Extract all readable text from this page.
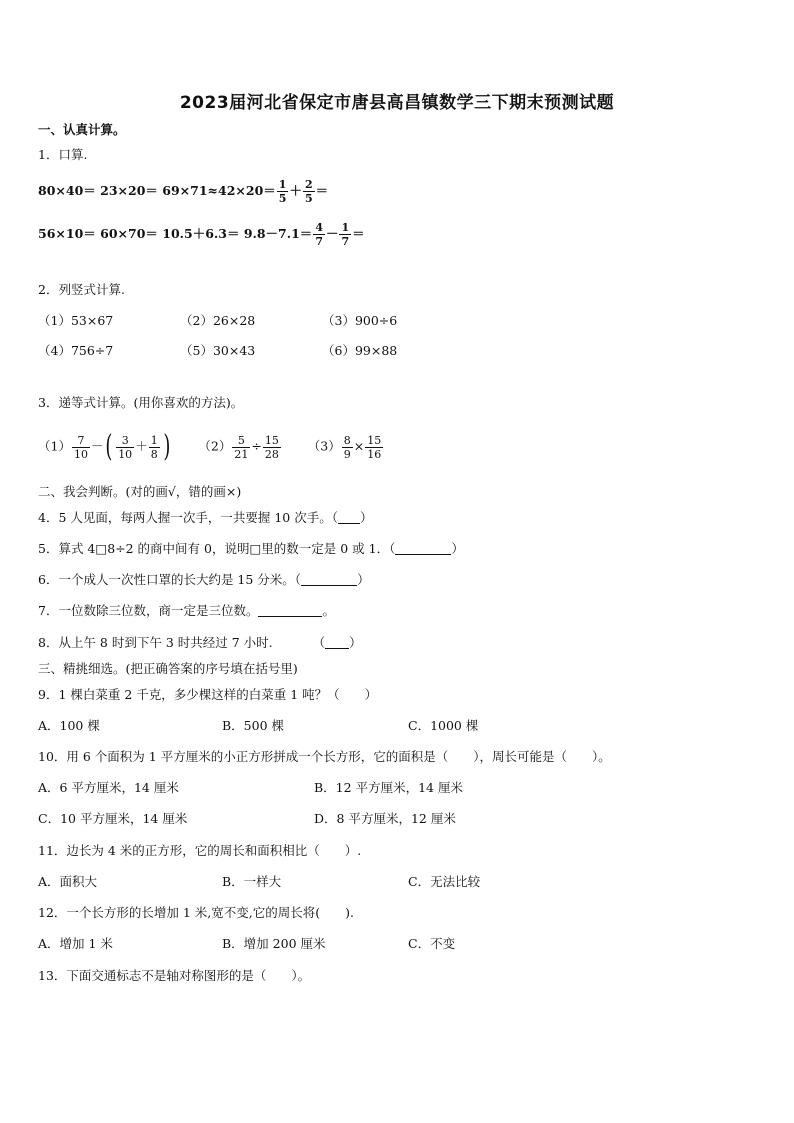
2023届河北省保定市唐县高昌镇数学三下期末预测试题
一、认真计算。
1．口算.
$80\times 40= 23\times 20= 69\times 71\approx 42\times 20= \frac{1}{5} + \frac{2}{5}$ ＝
$56\times 10= 60\times 70= 10.5+6.3= 9.8-7.1= \frac{4}{7} - \frac{1}{7}$ ＝
2．列竖式计算.
（1）53×67	（2）26×28	（3）900÷6
（4）756÷7	（5）30×43	（6）99×88
3．递等式计算。(用你喜欢的方法)。
$(1) \frac{7}{10}$ －( $\frac{3}{10} + \frac{1}{8}$ ) $(2) \frac{5}{21} \div \frac{15}{28} (3) \frac{8}{9} \times \frac{15}{16}$
二、我会判断。(对的画√，错的画×)
4．5 人见面，每两人握一次手，一共要握 10 次手。（ ）
5．算式 4□8÷2 的商中间有 0，说明□里的数一定是 0 或 1．（	）
6．一个成人一次性口罩的长大约是 15 分米。（	）
7．一位数除三位数，商一定是三位数。	。
8．从上午 8 时到下午 3 时共经过 7 小时.	（ ）
三、精挑细选。(把正确答案的序号填在括号里)
9．1 棵白菜重 2 千克，多少棵这样的白菜重 1 吨？（　　）
A．100 棵	B．500 棵	C．1000 棵
10．用 6 个面积为 1 平方厘米的小正方形拼成一个长方形，它的面积是（　　），周长可能是（　　）。
A．6 平方厘米，14 厘米	B．12 平方厘米，14 厘米
C．10 平方厘米，14 厘米	D．8 平方厘米，12 厘米
11．边长为 4 米的正方形，它的周长和面积相比（　　）.
A．面积大	B．一样大	C．无法比较
12．一个长方形的长增加 1 米,宽不变,它的周长将(　　).
A．增加 1 米	B．增加 200 厘米	C．不变
13．下面交通标志不是轴对称图形的是（　　）。
